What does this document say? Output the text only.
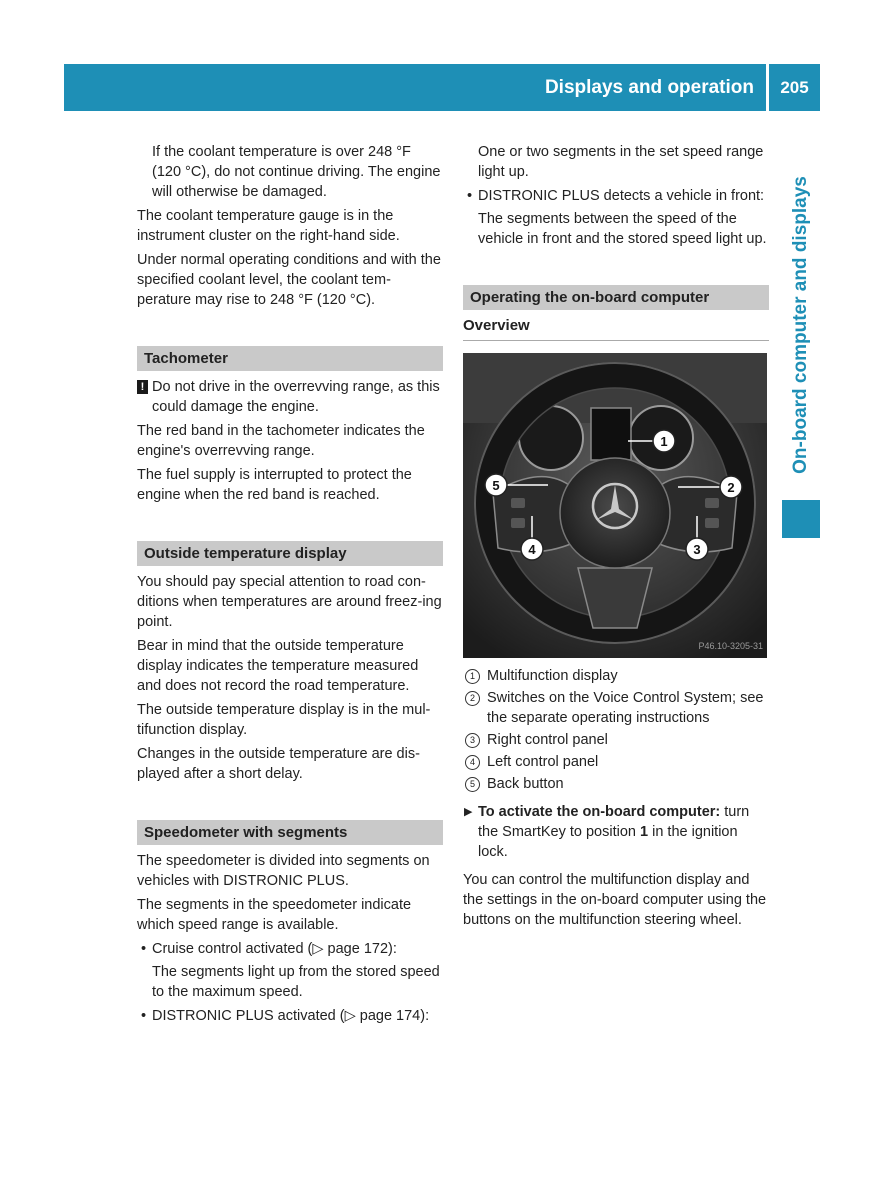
Displays and operation	205
On-board computer and displays

If the coolant temperature is over 248 °F (120 °C), do not continue driving. The engine will otherwise be damaged.

The coolant temperature gauge is in the instrument cluster on the right-hand side.

Under normal operating conditions and with the specified coolant level, the coolant tem-perature may rise to 248 °F (120 °C).

Tachometer
! Do not drive in the overrevving range, as this could damage the engine.

The red band in the tachometer indicates the engine's overrevving range.

The fuel supply is interrupted to protect the engine when the red band is reached.

Outside temperature display

You should pay special attention to road con-ditions when temperatures are around freez-ing point.

Bear in mind that the outside temperature display indicates the temperature measured and does not record the road temperature.

The outside temperature display is in the mul-tifunction display.

Changes in the outside temperature are dis-played after a short delay.

Speedometer with segments

The speedometer is divided into segments on vehicles with DISTRONIC PLUS.

The segments in the speedometer indicate which speed range is available.

• Cruise control activated (▷ page 172):

The segments light up from the stored speed to the maximum speed.

• DISTRONIC PLUS activated (▷ page 174):

One or two segments in the set speed range light up.

• DISTRONIC PLUS detects a vehicle in front:

The segments between the speed of the vehicle in front and the stored speed light up.

Operating the on-board computer
Overview
1
2
3
4
5
P46.10-3205-31
1 Multifunction display
2 Switches on the Voice Control System; see the separate operating instructions
3 Right control panel
4 Left control panel
5 Back button
▶ To activate the on-board computer: turn the SmartKey to position 1 in the ignition lock.

You can control the multifunction display and the settings in the on-board computer using the buttons on the multifunction steering wheel.
